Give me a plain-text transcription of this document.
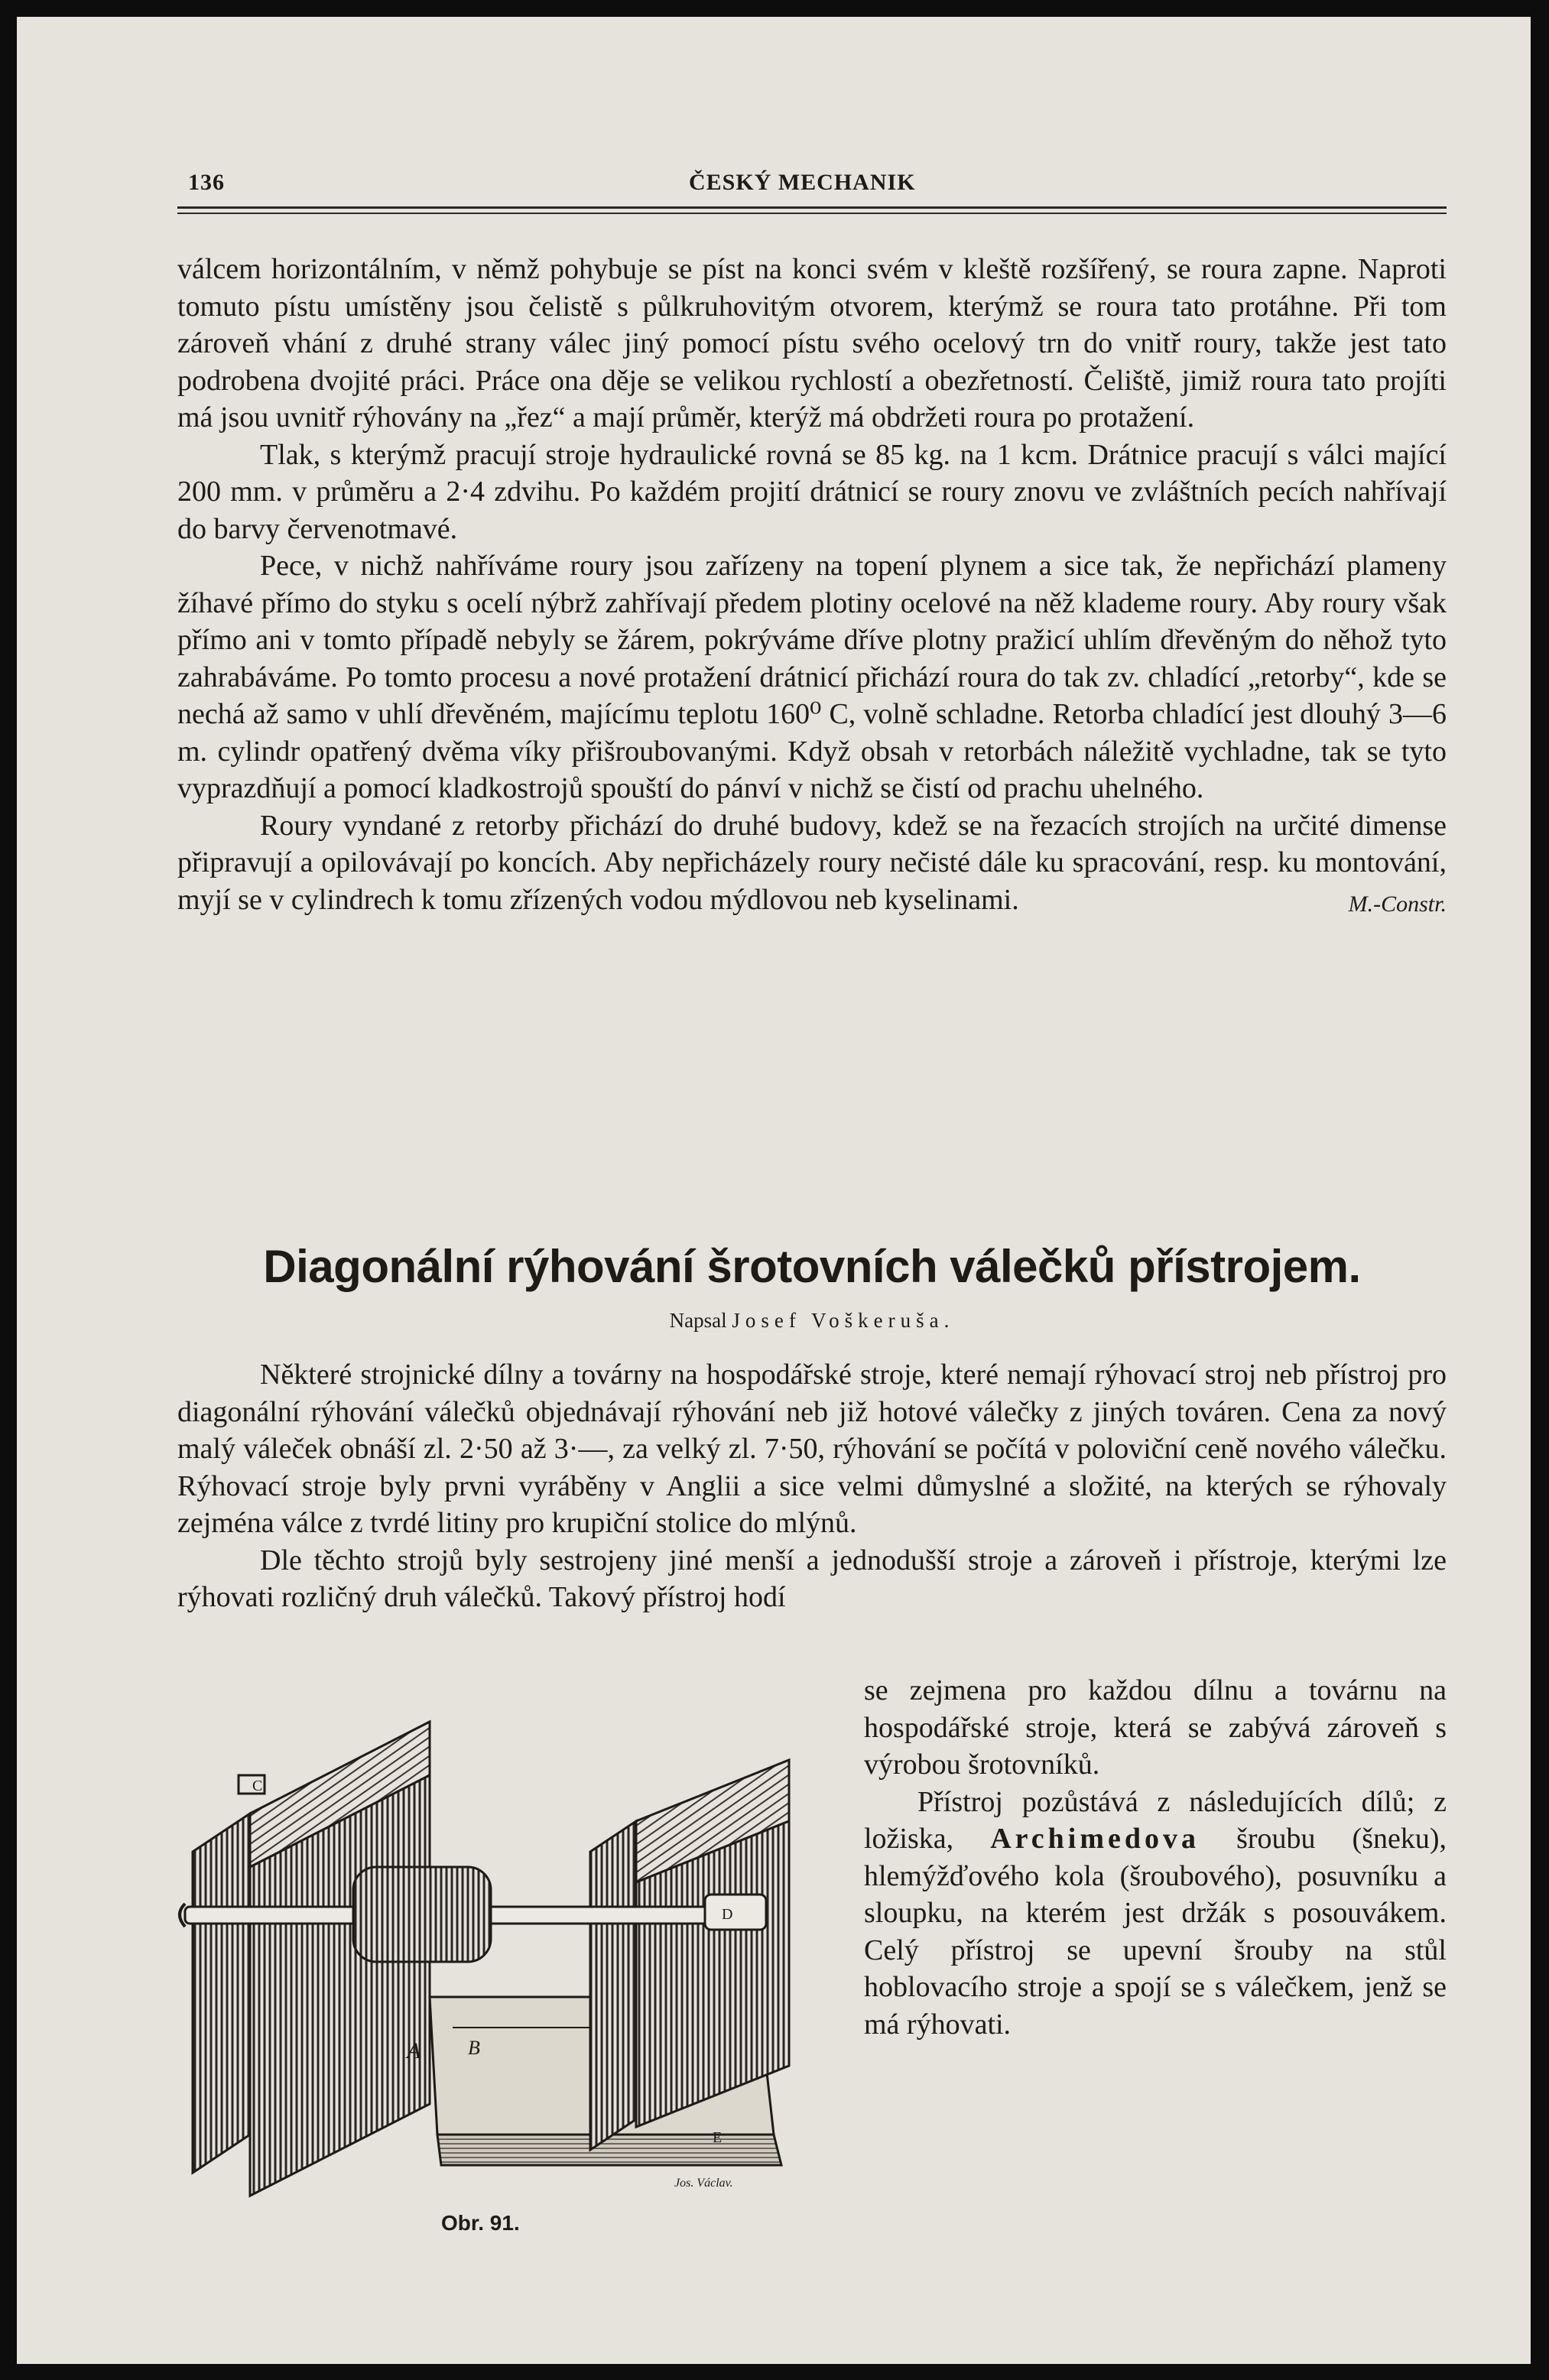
136	ČESKÝ MECHANIK

válcem horizontálním, v němž pohybuje se píst na konci svém v kleště rozšířený, se roura zapne. Naproti tomuto pístu umístěny jsou čelistě s půlkruhovitým otvorem, kterýmž se roura tato protáhne. Při tom zároveň vhání z druhé strany válec jiný pomocí pístu svého ocelový trn do vnitř roury, takže jest tato podrobena dvojité práci. Práce ona děje se velikou rychlostí a obezřetností. Čeliště, jimiž roura tato projíti má jsou uvnitř rýhovány na „řez“ a mají průměr, kterýž má obdržeti roura po protažení.

Tlak, s kterýmž pracují stroje hydraulické rovná se 85 kg. na 1 kcm. Drátnice pracují s válci mající 200 mm. v průměru a 2·4 zdvihu. Po každém projití drátnicí se roury znovu ve zvláštních pecích nahřívají do barvy červenotmavé.

Pece, v nichž nahříváme roury jsou zařízeny na topení plynem a sice tak, že nepřichází plameny žíhavé přímo do styku s ocelí nýbrž zahřívají předem plotiny ocelové na něž klademe roury. Aby roury však přímo ani v tomto případě nebyly se žárem, pokrýváme dříve plotny pražicí uhlím dřevěným do něhož tyto zahrabáváme. Po tomto procesu a nové protažení drátnicí přichází roura do tak zv. chladící „retorby“, kde se nechá až samo v uhlí dřevěném, majícímu teplotu 160⁰ C, volně schladne. Retorba chladící jest dlouhý 3—6 m. cylindr opatřený dvěma víky přišroubovanými. Když obsah v retorbách náležitě vychladne, tak se tyto vyprazdňují a pomocí kladkostrojů spouští do pánví v nichž se čistí od prachu uhelného.

Roury vyndané z retorby přichází do druhé budovy, kdež se na řezacích strojích na určité dimense připravují a opilovávají po koncích. Aby nepřicházely roury nečisté dále ku spracování, resp. ku montování, myjí se v cylindrech k tomu zřízených vodou mýdlovou neb kyselinami.	M.-Constr.

Diagonální rýhování šrotovních válečků přístrojem.
Napsal Josef Voškeruša.

Některé strojnické dílny a továrny na hospodářské stroje, které nemají rýhovací stroj neb přístroj pro diagonální rýhování válečků objednávají rýhování neb již hotové válečky z jiných továren. Cena za nový malý váleček obnáší zl. 2·50 až 3·—, za velký zl. 7·50, rýhování se počítá v poloviční ceně nového válečku. Rýhovací stroje byly prvni vyráběny v Anglii a sice velmi důmyslné a složité, na kterých se rýhovaly zejména válce z tvrdé litiny pro krupiční stolice do mlýnů.

Dle těchto strojů byly sestrojeny jiné menší a jednodušší stroje a zároveň i přístroje, kterými lze rýhovati rozličný druh válečků. Takový přístroj hodí

A B
C
D
E
Jos. Václav.
Obr. 91.

se zejmena pro každou dílnu a továrnu na hospodářské stroje, která se zabývá zároveň s výrobou šrotovníků.

Přístroj pozůstává z následujících dílů; z ložiska, Archimedova šroubu (šneku), hlemýžďového kola (šroubového), posuvníku a sloupku, na kterém jest držák s posouvákem. Celý přístroj se upevní šrouby na stůl hoblovacího stroje a spojí se s válečkem, jenž se má rýhovati.
